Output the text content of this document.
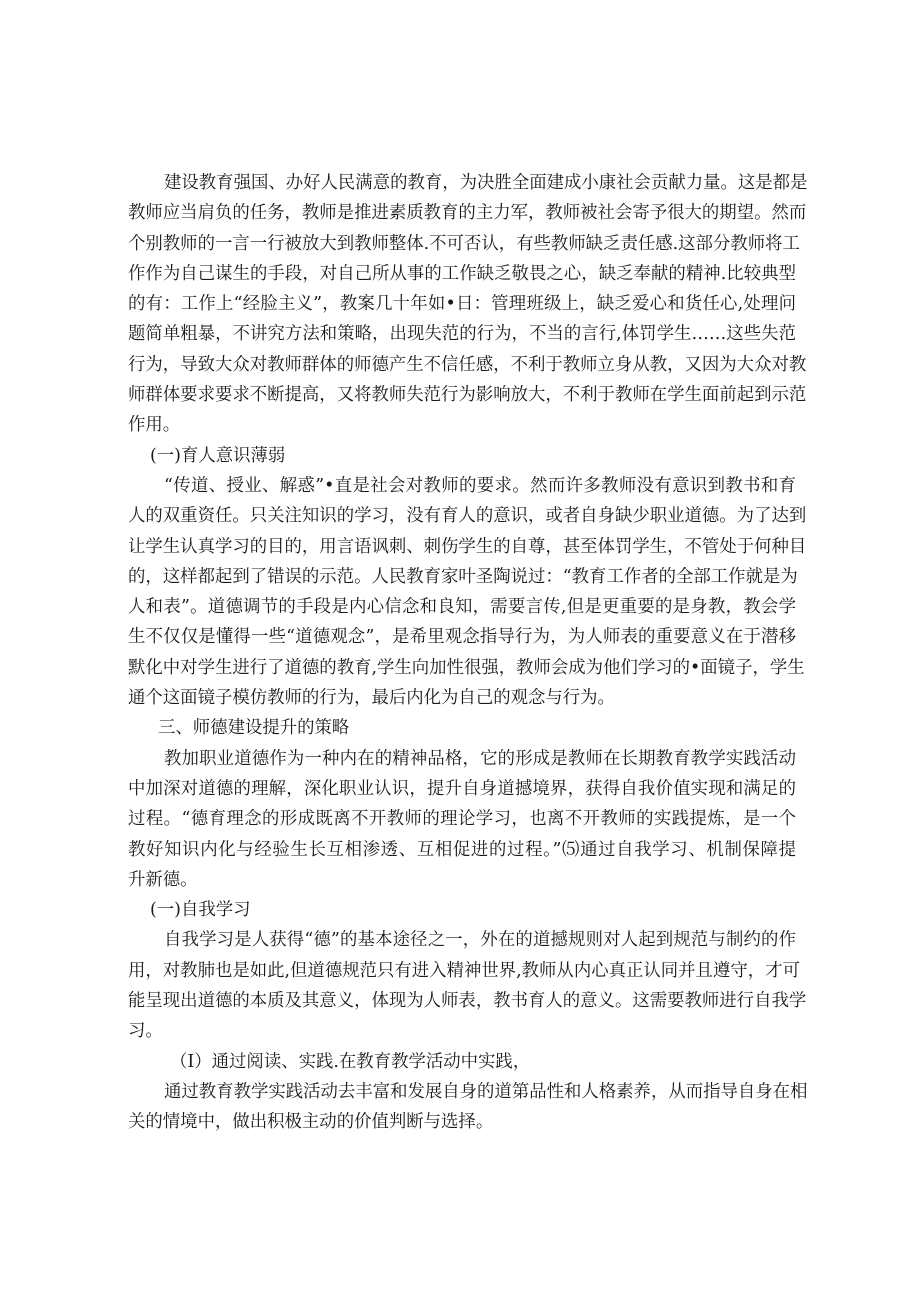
建设教育强国、办好人民满意的教育，为决胜全面建成小康社会贡献力量。这是都是
教师应当肩负的任务，教师是推进素质教育的主力军，教师被社会寄予很大的期望。然而
个别教师的一言一行被放大到教师整体.不可否认，有些教师缺乏责任感.这部分教师将工
作作为自己谋生的手段，对自己所从事的工作缺乏敬畏之心，缺乏奉献的精神.比较典型
的有：工作上“经脸主义”，教案几十年如•日：管理班级上，缺乏爱心和货任心,处理问
题简单粗暴，不讲究方法和策略，出现失范的行为，不当的言行,体罚学生……这些失范
行为，导致大众对教师群体的师德产生不信任感，不利于教师立身从教，又因为大众对教
师群体要求要求不断提高，又将教师失范行为影响放大，不利于教师在学生面前起到示范
作用。
(一)育人意识薄弱
“传道、授业、解惑”•直是社会对教师的要求。然而许多教师没有意识到教书和育
人的双重资任。只关注知识的学习，没有育人的意识，或者自身缺少职业道德。为了达到
让学生认真学习的目的，用言语讽刺、刺伤学生的自尊，甚至体罚学生，不管处于何种目
的，这样都起到了错误的示范。人民教育家叶圣陶说过：“教育工作者的全部工作就是为
人和表”。道德调节的手段是内心信念和良知，需要言传,但是更重要的是身教，教会学
生不仅仅是懂得一些“道德观念”，是希里观念指导行为，为人师表的重要意义在于潜移
默化中对学生进行了道德的教育,学生向加性很强，教师会成为他们学习的•面镜子，学生
通个这面镜子模仿教师的行为，最后内化为自己的观念与行为。
三、师德建设提升的策略
教加职业道德作为一种内在的精神品格，它的形成是教师在长期教育教学实践活动
中加深对道德的理解，深化职业认识，提升自身道撼境界，获得自我价值实现和满足的
过程。“德育理念的形成既离不开教师的理论学习，也离不开教师的实践提炼，是一个
教好知识内化与经验生长互相渗透、互相促进的过程。”⑸通过自我学习、机制保障提
升新德。
(一)自我学习
自我学习是人获得“德”的基本途径之一，外在的道撼规则对人起到规范与制约的作
用，对教肺也是如此,但道德规范只有进入精神世界,教师从内心真正认同并且遵守，才可
能呈现出道德的本质及其意义，体现为人师表，教书育人的意义。这需要教师进行自我学
习。
（I）通过阅读、实践.在教育教学活动中实践，
通过教育教学实践活动去丰富和发展自身的道第品性和人格素养，从而指导自身在相
关的情境中，做出积极主动的价值判断与选择。
